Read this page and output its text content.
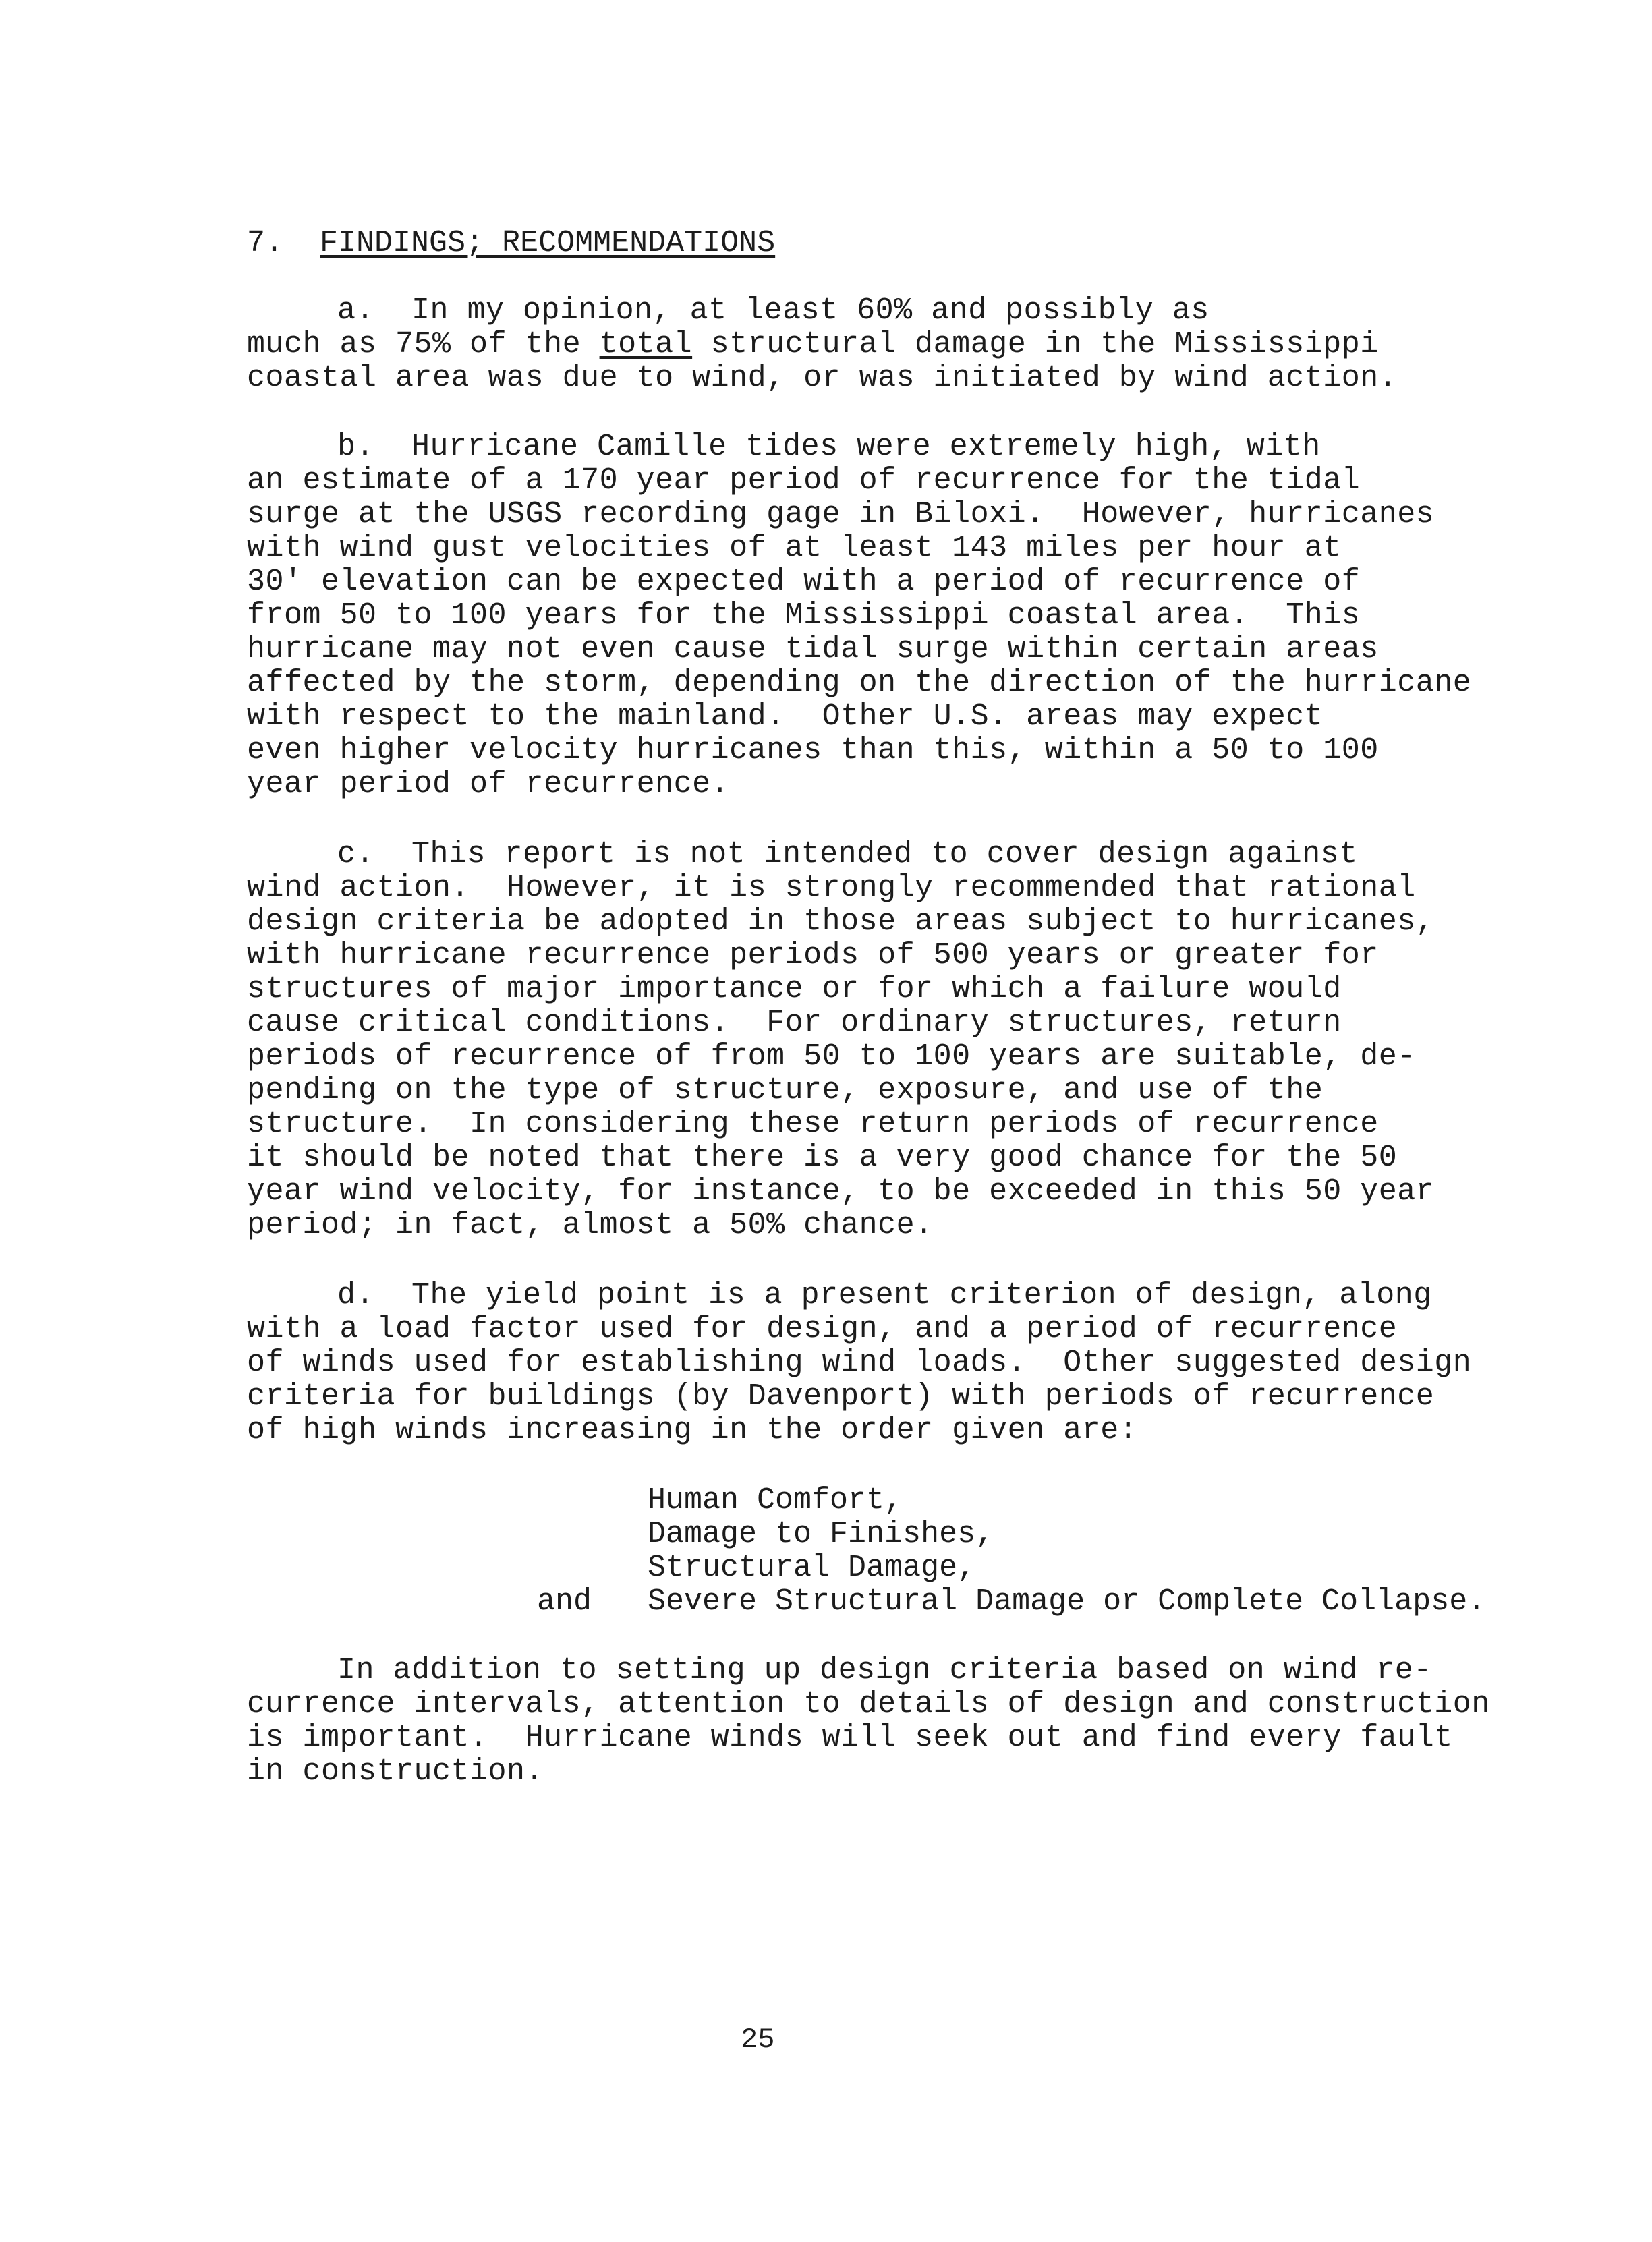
7. FINDINGS; RECOMMENDATIONS
a.  In my opinion, at least 60% and possibly as
much as 75% of the total structural damage in the Mississippi
coastal area was due to wind, or was initiated by wind action.
b.  Hurricane Camille tides were extremely high, with
an estimate of a 170 year period of recurrence for the tidal
surge at the USGS recording gage in Biloxi.  However, hurricanes
with wind gust velocities of at least 143 miles per hour at
30' elevation can be expected with a period of recurrence of
from 50 to 100 years for the Mississippi coastal area.  This
hurricane may not even cause tidal surge within certain areas
affected by the storm, depending on the direction of the hurricane
with respect to the mainland.  Other U.S. areas may expect
even higher velocity hurricanes than this, within a 50 to 100
year period of recurrence.
c.  This report is not intended to cover design against
wind action.  However, it is strongly recommended that rational
design criteria be adopted in those areas subject to hurricanes,
with hurricane recurrence periods of 500 years or greater for
structures of major importance or for which a failure would
cause critical conditions.  For ordinary structures, return
periods of recurrence of from 50 to 100 years are suitable, de-
pending on the type of structure, exposure, and use of the
structure.  In considering these return periods of recurrence
it should be noted that there is a very good chance for the 50
year wind velocity, for instance, to be exceeded in this 50 year
period; in fact, almost a 50% chance.
d.  The yield point is a present criterion of design, along
with a load factor used for design, and a period of recurrence
of winds used for establishing wind loads.  Other suggested design
criteria for buildings (by Davenport) with periods of recurrence
of high winds increasing in the order given are:
Human Comfort,
Damage to Finishes,
Structural Damage,
and Severe Structural Damage or Complete Collapse.
In addition to setting up design criteria based on wind re-
currence intervals, attention to details of design and construction
is important.  Hurricane winds will seek out and find every fault
in construction.
25
